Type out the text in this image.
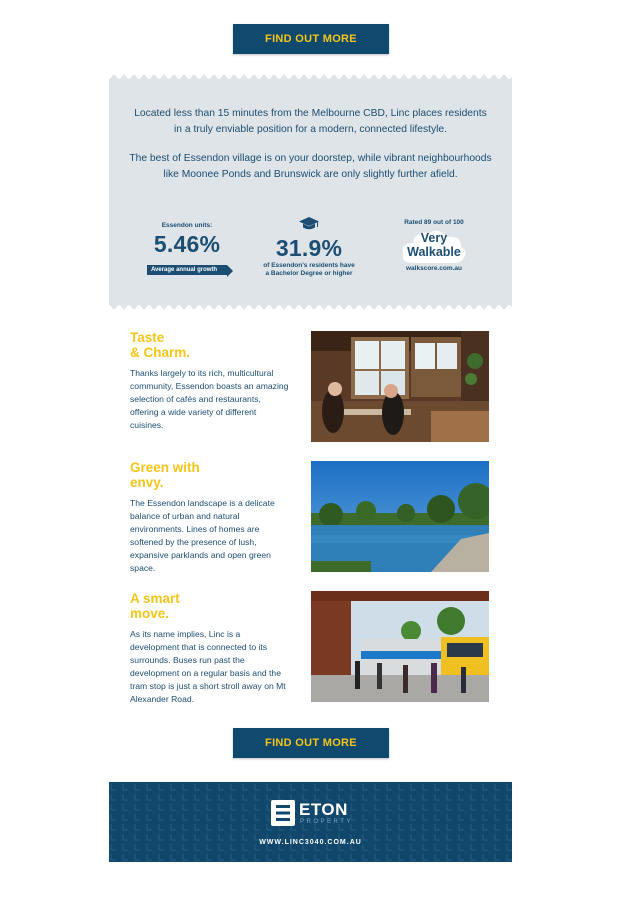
FIND OUT MORE
Located less than 15 minutes from the Melbourne CBD, Linc places residents in a truly enviable position for a modern, connected lifestyle.
The best of Essendon village is on your doorstep, while vibrant neighbourhoods like Moonee Ponds and Brunswick are only slightly further afield.
Essendon units:
5.46%
Average annual growth
31.9%
of Essendon's residents have
a Bachelor Degree or higher
Rated 89 out of 100
Very
Walkable
walkscore.com.au
Taste
& Charm.
Thanks largely to its rich, multicultural community, Essendon boasts an amazing selection of cafés and restaurants, offering a wide variety of different cuisines.
Green with
envy.
The Essendon landscape is a delicate balance of urban and natural environments. Lines of homes are softened by the presence of lush, expansive parklands and open green space.
A smart
move.
As its name implies, Linc is a development that is connected to its surrounds. Buses run past the development on a regular basis and the tram stop is just a short stroll away on Mt Alexander Road.
FIND OUT MORE
ETON
PROPERTY
WWW.LINC3040.COM.AU
